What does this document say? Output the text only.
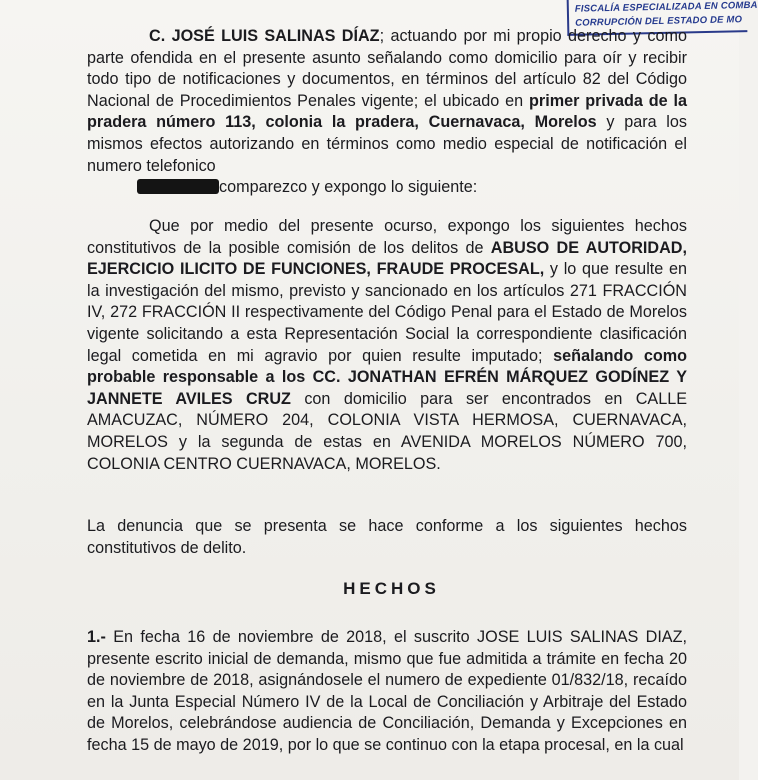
FISCALÍA ESPECIALIZADA EN COMBA
CORRUPCIÓN DEL ESTADO DE MO

C. JOSÉ LUIS SALINAS DÍAZ; actuando por mi propio derecho y como parte ofendida en el presente asunto señalando como domicilio para oír y recibir todo tipo de notificaciones y documentos, en términos del artículo 82 del Código Nacional de Procedimientos Penales vigente; el ubicado en primer privada de la pradera número 113, colonia la pradera, Cuernavaca, Morelos y para los mismos efectos autorizando en términos como medio especial de notificación el numero telefonico
comparezco y expongo lo siguiente:

Que por medio del presente ocurso, expongo los siguientes hechos constitutivos de la posible comisión de los delitos de ABUSO DE AUTORIDAD, EJERCICIO ILICITO DE FUNCIONES, FRAUDE PROCESAL, y lo que resulte en la investigación del mismo, previsto y sancionado en los artículos 271 FRACCIÓN IV, 272 FRACCIÓN II respectivamente del Código Penal para el Estado de Morelos vigente solicitando a esta Representación Social la correspondiente clasificación legal cometida en mi agravio por quien resulte imputado; señalando como probable responsable a los CC. JONATHAN EFRÉN MÁRQUEZ GODÍNEZ Y JANNETE AVILES CRUZ con domicilio para ser encontrados en CALLE AMACUZAC, NÚMERO 204, COLONIA VISTA HERMOSA, CUERNAVACA, MORELOS y la segunda de estas en AVENIDA MORELOS NÚMERO 700, COLONIA CENTRO CUERNAVACA, MORELOS.

La denuncia que se presenta se hace conforme a los siguientes hechos constitutivos de delito.

HECHOS

1.- En fecha 16 de noviembre de 2018, el suscrito JOSE LUIS SALINAS DIAZ, presente escrito inicial de demanda, mismo que fue admitida a trámite en fecha 20 de noviembre de 2018, asignándosele el numero de expediente 01/832/18, recaído en la Junta Especial Número IV de la Local de Conciliación y Arbitraje del Estado de Morelos, celebrándose audiencia de Conciliación, Demanda y Excepciones en fecha 15 de mayo de 2019, por lo que se continuo con la etapa procesal, en la cual
